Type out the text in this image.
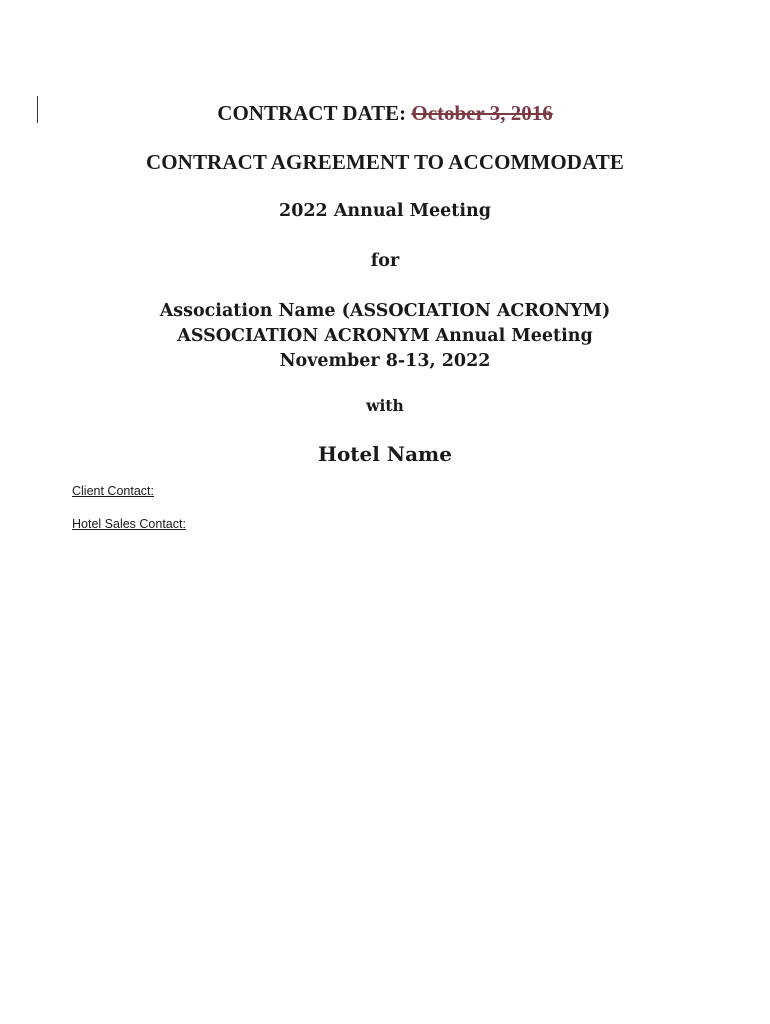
CONTRACT DATE: October 3, 2016
CONTRACT AGREEMENT TO ACCOMMODATE
2022 Annual Meeting
for
Association Name (ASSOCIATION ACRONYM)
ASSOCIATION ACRONYM Annual Meeting
November 8-13, 2022
with
Hotel Name
Client Contact:
Hotel Sales Contact:
